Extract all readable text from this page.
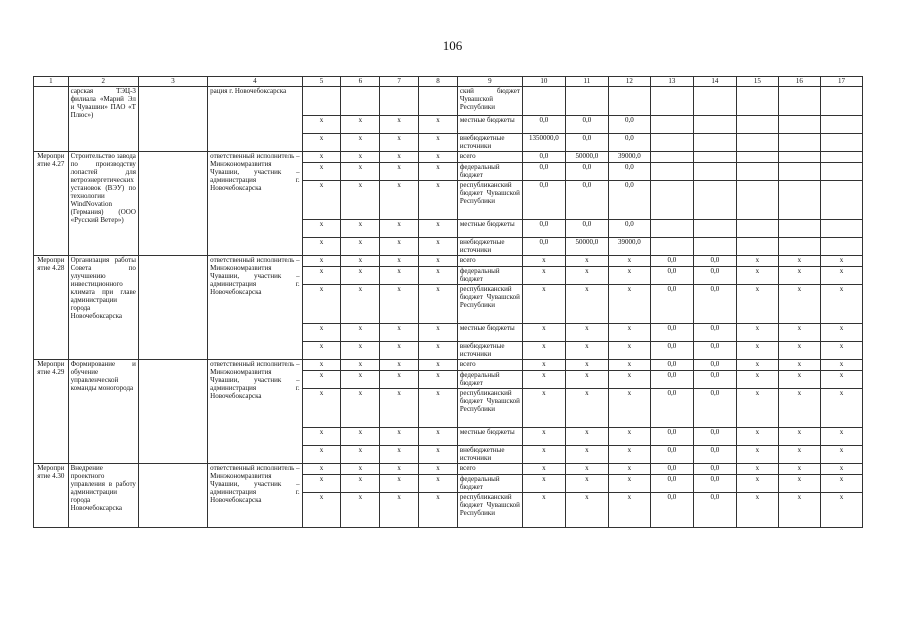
106
1	2	3	4	5	6	7	8	9	10	11	12	13	14	15	16	17
	сарская ТЭЦ-3 филиала «Марий Эл и Чувашии» ПАО «Т Плюс»)		рация г. Новочебоксарска					ский бюджет Чувашской Республики								
				х	х	х	х	местные бюджеты	0,0	0,0	0,0					
				х	х	х	х	внебюджетные источники	1350000,0	0,0	0,0					
Мероприятие 4.27	Строительство завода по производству лопастей для ветроэнергетических установок (ВЭУ) по технологии WindNovation (Германия) (ООО «Русский Ветер»)		ответственный исполнитель – Минэкономразвития Чувашии, участник – администрация г. Новочебоксарска	х	х	х	х	всего	0,0	50000,0	39000,0					
				х	х	х	х	федеральный бюджет	0,0	0,0	0,0					
				х	х	х	х	республиканский бюджет Чувашской Республики	0,0	0,0	0,0					
				х	х	х	х	местные бюджеты	0,0	0,0	0,0					
				х	х	х	х	внебюджетные источники	0,0	50000,0	39000,0					
Мероприятие 4.28	Организация работы Совета по улучшению инвестиционного климата при главе администрации города Новочебоксарска		ответственный исполнитель – Минэкономразвития Чувашии, участник – администрация г. Новочебоксарска	х	х	х	х	всего	х	х	х	0,0	0,0	х	х	х
				х	х	х	х	федеральный бюджет	х	х	х	0,0	0,0	х	х	х
				х	х	х	х	республиканский бюджет Чувашской Республики	х	х	х	0,0	0,0	х	х	х
				х	х	х	х	местные бюджеты	х	х	х	0,0	0,0	х	х	х
				х	х	х	х	внебюджетные источники	х	х	х	0,0	0,0	х	х	х
Мероприятие 4.29	Формирование и обучение управленческой команды моногорода		ответственный исполнитель – Минэкономразвития Чувашии, участник – администрация г. Новочебоксарска	х	х	х	х	всего	х	х	х	0,0	0,0	х	х	х
				х	х	х	х	федеральный бюджет	х	х	х	0,0	0,0	х	х	х
				х	х	х	х	республиканский бюджет Чувашской Республики	х	х	х	0,0	0,0	х	х	х
				х	х	х	х	местные бюджеты	х	х	х	0,0	0,0	х	х	х
				х	х	х	х	внебюджетные источники	х	х	х	0,0	0,0	х	х	х
Мероприятие 4.30	Внедрение проектного управления в работу администрации города Новочебоксарска		ответственный исполнитель – Минэкономразвития Чувашии, участник – администрация г. Новочебоксарска	х	х	х	х	всего	х	х	х	0,0	0,0	х	х	х
				х	х	х	х	федеральный бюджет	х	х	х	0,0	0,0	х	х	х
				х	х	х	х	республиканский бюджет Чувашской Республики	х	х	х	0,0	0,0	х	х	х
